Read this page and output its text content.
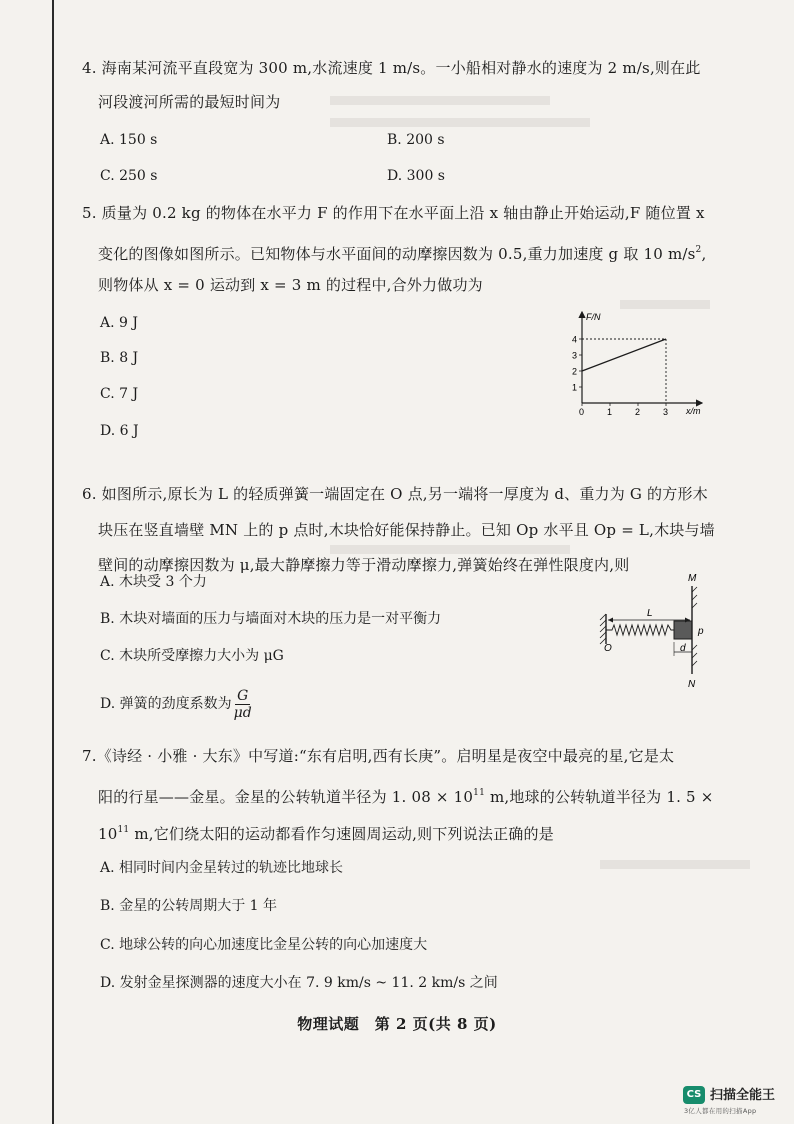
4. 海南某河流平直段宽为 300 m,水流速度 1 m/s。一小船相对静水的速度为 2 m/s,则在此
河段渡河所需的最短时间为
A. 150 s	B. 200 s
C. 250 s	D. 300 s
5. 质量为 0.2 kg 的物体在水平力 F 的作用下在水平面上沿 x 轴由静止开始运动,F 随位置 x
变化的图像如图所示。已知物体与水平面间的动摩擦因数为 0.5,重力加速度 g 取 10 $m/s^2$,
则物体从 x = 0 运动到 x = 3 m 的过程中,合外力做功为
A. 9 J
B. 8 J
C. 7 J
D. 6 J
F/N
x/m
1
2
3
4
0	1	2	3
6. 如图所示,原长为 L 的轻质弹簧一端固定在 O 点,另一端将一厚度为 d、重力为 G 的方形木
块压在竖直墙壁 MN 上的 p 点时,木块恰好能保持静止。已知 Op 水平且 Op = L,木块与墙
壁间的动摩擦因数为 μ,最大静摩擦力等于滑动摩擦力,弹簧始终在弹性限度内,则
A. 木块受 3 个力
B. 木块对墙面的压力与墙面对木块的压力是一对平衡力
C. 木块所受摩擦力大小为 μG
D. 弹簧的劲度系数为 $\frac{G}{\mu d}$
M
N
O
L
d
p
7.《诗经 · 小雅 · 大东》中写道:“东有启明,西有长庚”。启明星是夜空中最亮的星,它是太
阳的行星——金星。金星的公转轨道半径为 1. $08 \times 10^{11}$ m,地球的公转轨道半径为 1. 5 ×
$10^{11}$ m,它们绕太阳的运动都看作匀速圆周运动,则下列说法正确的是
A. 相同时间内金星转过的轨迹比地球长
B. 金星的公转周期大于 1 年
C. 地球公转的向心加速度比金星公转的向心加速度大
D. 发射金星探测器的速度大小在 7. 9 km/s ~ 11. 2 km/s 之间
物理试题　第 2 页(共 8 页)
CS 扫描全能王
3亿人都在用的扫描App
